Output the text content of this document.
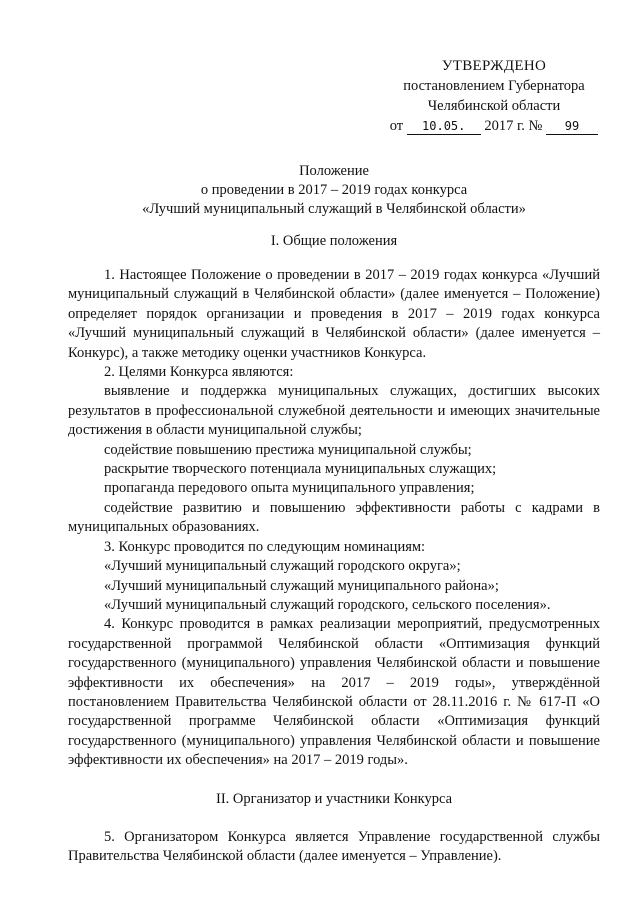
УТВЕРЖДЕНО
постановлением Губернатора
Челябинской области
от 10.05. 2017 г. № 99
Положение
о проведении в 2017 – 2019 годах конкурса
«Лучший муниципальный служащий в Челябинской области»
I. Общие положения

1. Настоящее Положение о проведении в 2017 – 2019 годах конкурса «Лучший муниципальный служащий в Челябинской области» (далее именуется – Положение) определяет порядок организации и проведения в 2017 – 2019 годах конкурса «Лучший муниципальный служащий в Челябинской области» (далее именуется – Конкурс), а также методику оценки участников Конкурса.

2. Целями Конкурса являются:

выявление и поддержка муниципальных служащих, достигших высоких результатов в профессиональной служебной деятельности и имеющих значительные достижения в области муниципальной службы;

содействие повышению престижа муниципальной службы;

раскрытие творческого потенциала муниципальных служащих;

пропаганда передового опыта муниципального управления;

содействие развитию и повышению эффективности работы с кадрами в муниципальных образованиях.

3. Конкурс проводится по следующим номинациям:

«Лучший муниципальный служащий городского округа»;

«Лучший муниципальный служащий муниципального района»;

«Лучший муниципальный служащий городского, сельского поселения».

4. Конкурс проводится в рамках реализации мероприятий, предусмотренных государственной программой Челябинской области «Оптимизация функций государственного (муниципального) управления Челябинской области и повышение эффективности их обеспечения» на 2017 – 2019 годы», утверждённой постановлением Правительства Челябинской области от 28.11.2016 г. № 617-П «О государственной программе Челябинской области «Оптимизация функций государственного (муниципального) управления Челябинской области и повышение эффективности их обеспечения» на 2017 – 2019 годы».

II. Организатор и участники Конкурса

5. Организатором Конкурса является Управление государственной службы Правительства Челябинской области (далее именуется – Управление).
